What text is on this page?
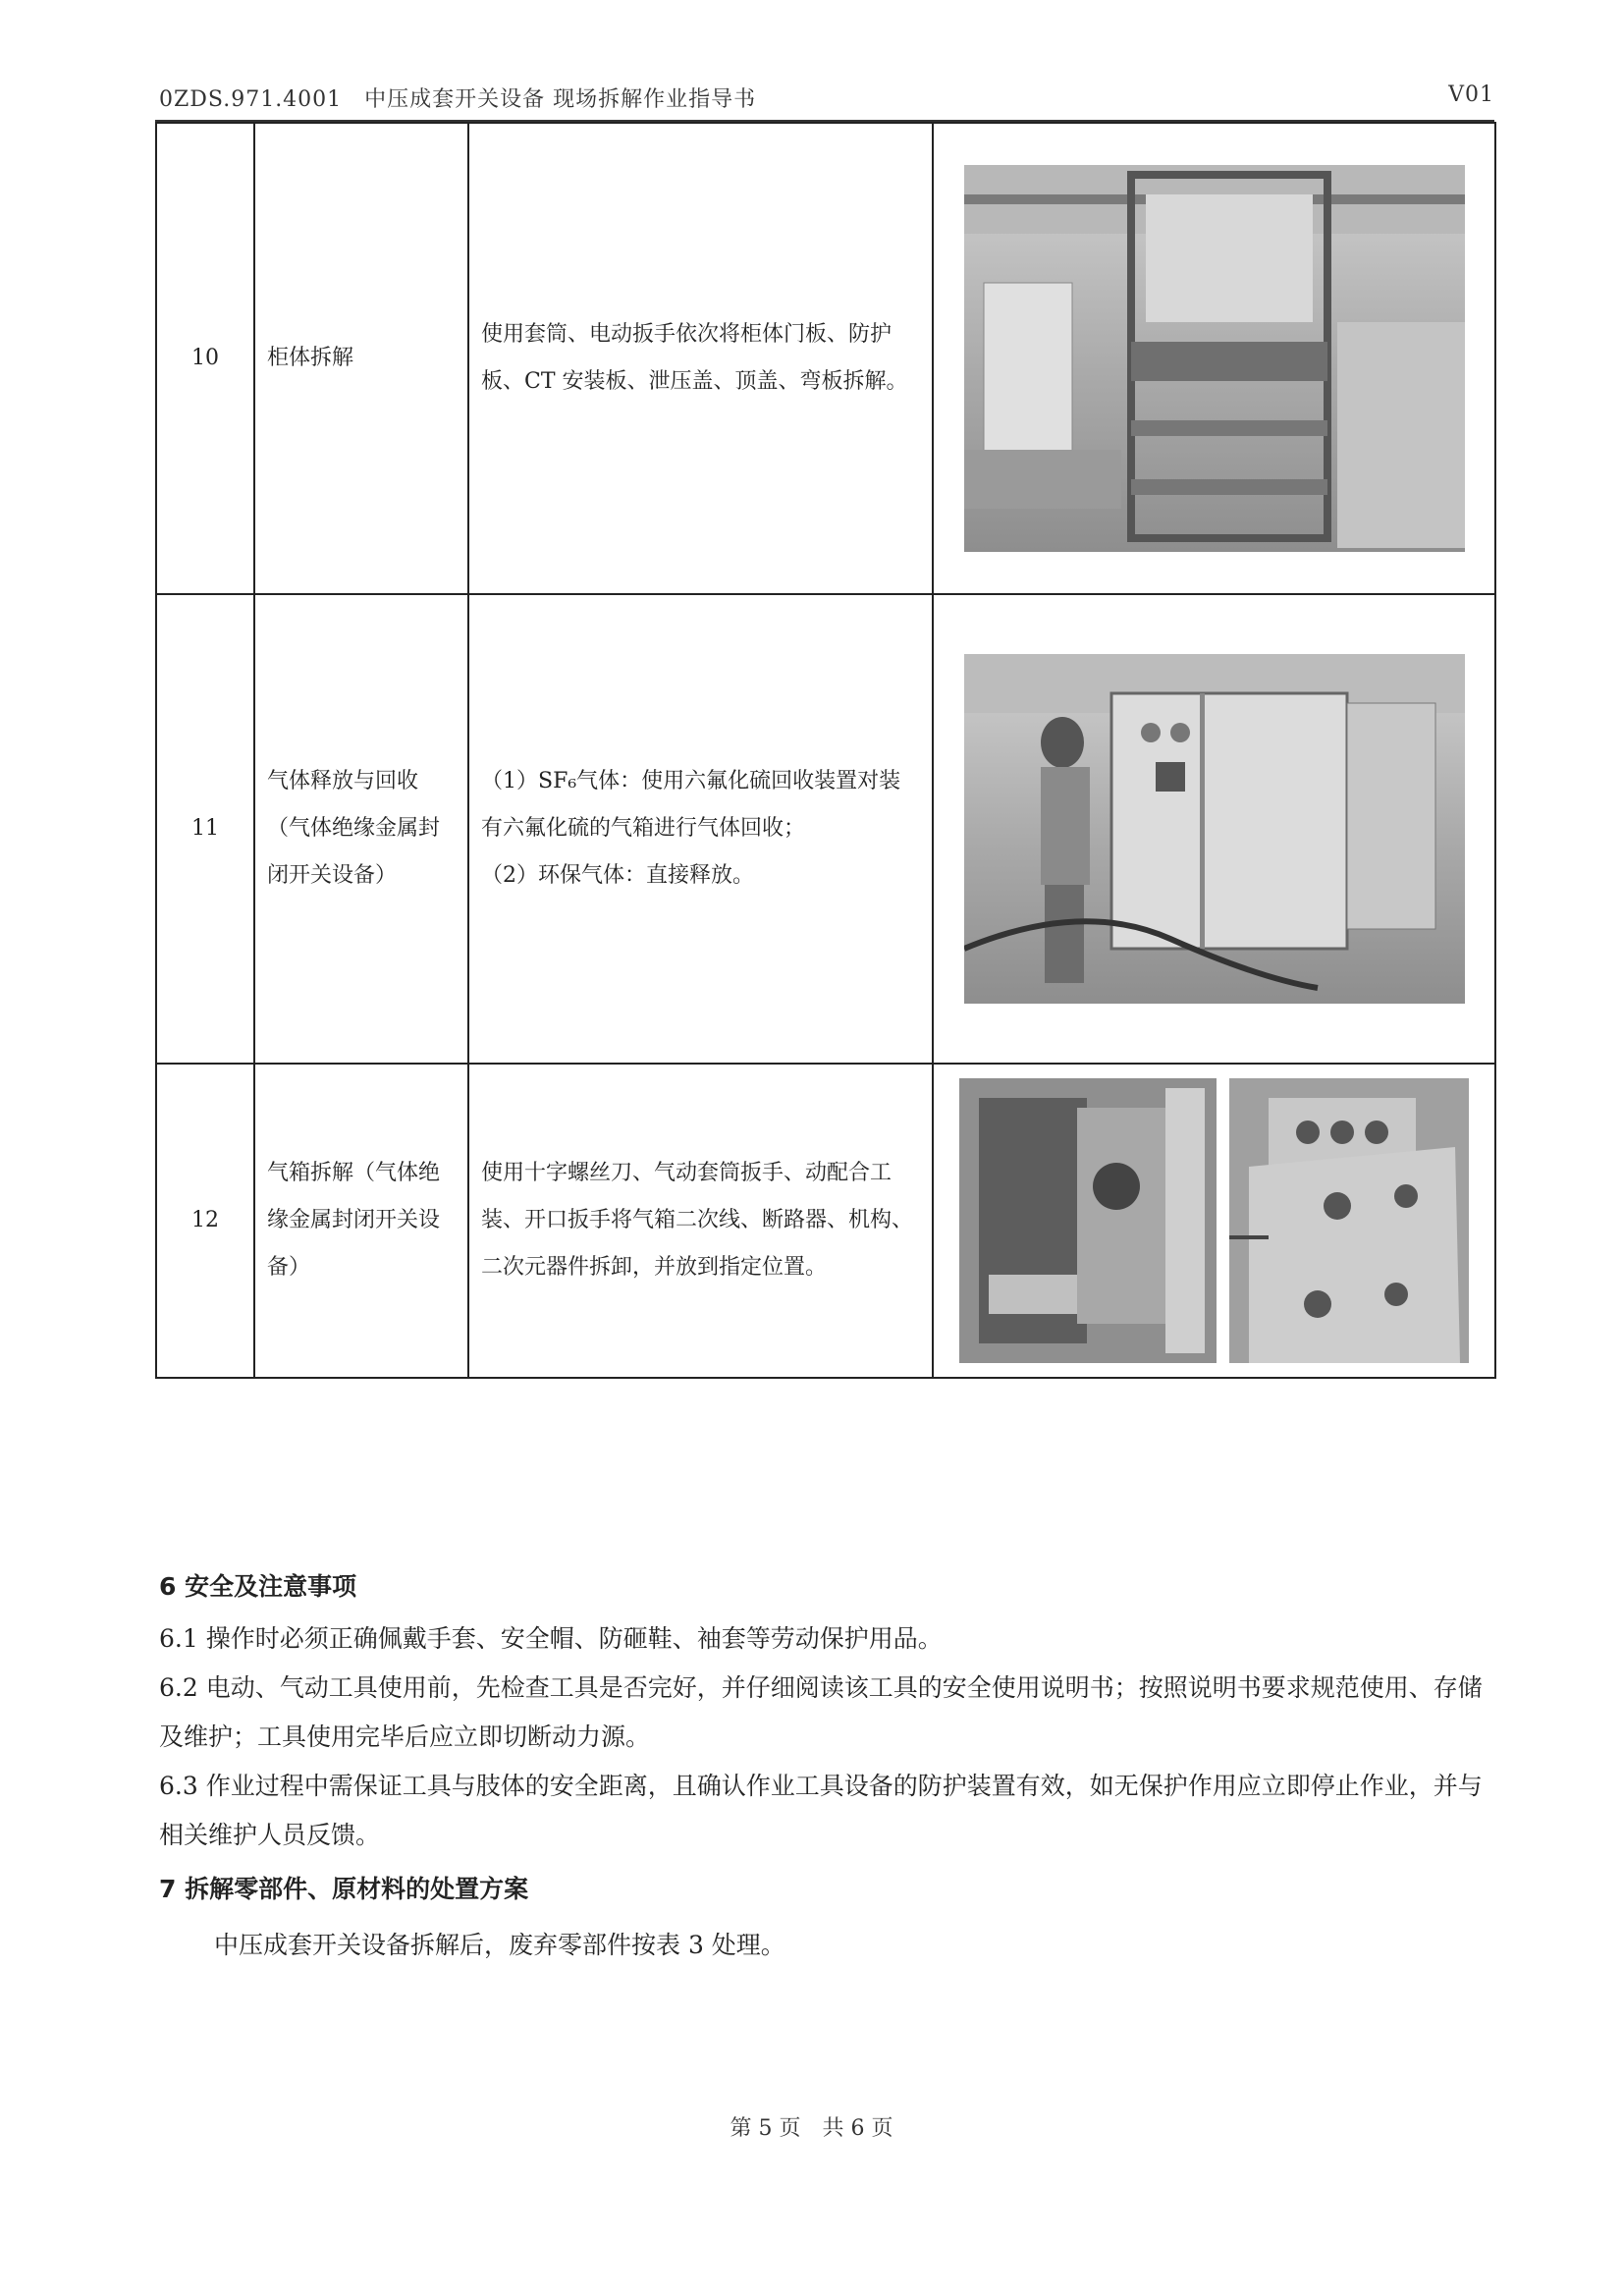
0ZDS.971.4001　中压成套开关设备 现场拆解作业指导书	V01
10	柜体拆解	使用套筒、电动扳手依次将柜体门板、防护板、CT 安装板、泄压盖、顶盖、弯板拆解。	

11	气体释放与回收（气体绝缘金属封闭开关设备）	（1）SF₆气体：使用六氟化硫回收装置对装有六氟化硫的气箱进行气体回收；
（2）环保气体：直接释放。

12	气箱拆解（气体绝缘金属封闭开关设备）	使用十字螺丝刀、气动套筒扳手、动配合工装、开口扳手将气箱二次线、断路器、机构、二次元器件拆卸，并放到指定位置。	

6 安全及注意事项
6.1 操作时必须正确佩戴手套、安全帽、防砸鞋、袖套等劳动保护用品。
6.2 电动、气动工具使用前，先检查工具是否完好，并仔细阅读该工具的安全使用说明书；按照说明书要求规范使用、存储及维护；工具使用完毕后应立即切断动力源。
6.3 作业过程中需保证工具与肢体的安全距离，且确认作业工具设备的防护装置有效，如无保护作用应立即停止作业，并与相关维护人员反馈。
7 拆解零部件、原材料的处置方案
中压成套开关设备拆解后，废弃零部件按表 3 处理。
第 5 页　共 6 页
